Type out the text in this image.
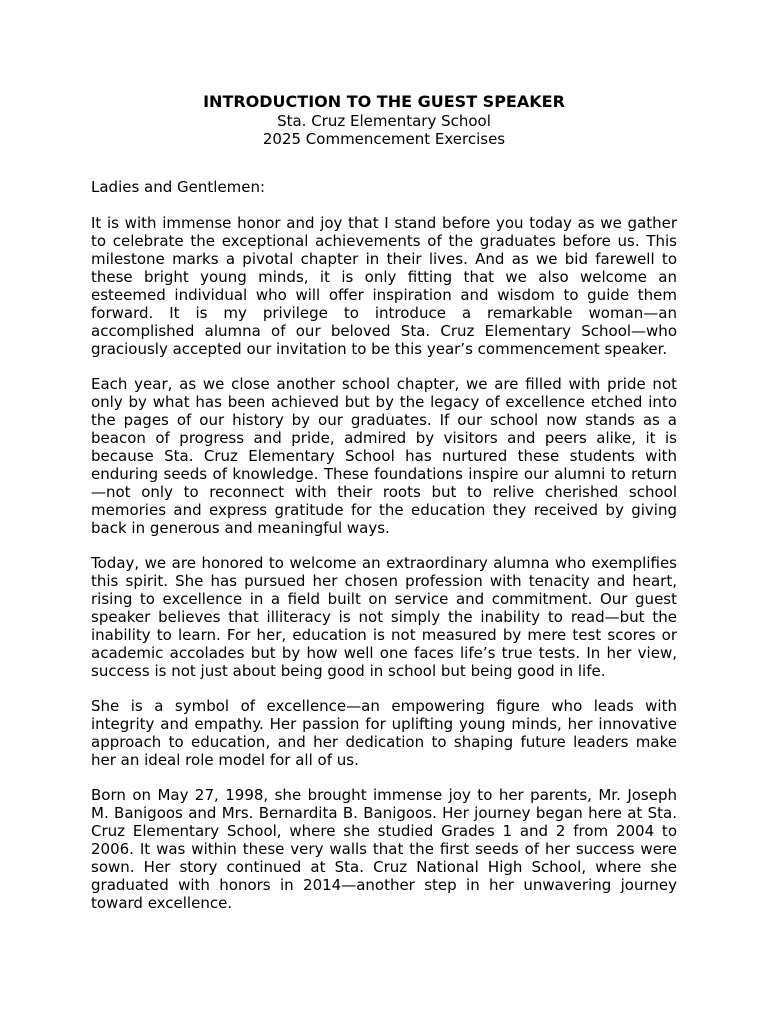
INTRODUCTION TO THE GUEST SPEAKER
Sta. Cruz Elementary School
2025 Commencement Exercises

Ladies and Gentlemen:

It is with immense honor and joy that I stand before you today as we gather to celebrate the exceptional achievements of the graduates before us. This milestone marks a pivotal chapter in their lives. And as we bid farewell to these bright young minds, it is only fitting that we also welcome an esteemed individual who will offer inspiration and wisdom to guide them forward. It is my privilege to introduce a remarkable woman—an accomplished alumna of our beloved Sta. Cruz Elementary School—who graciously accepted our invitation to be this year’s commencement speaker.

Each year, as we close another school chapter, we are filled with pride not only by what has been achieved but by the legacy of excellence etched into the pages of our history by our graduates. If our school now stands as a beacon of progress and pride, admired by visitors and peers alike, it is because Sta. Cruz Elementary School has nurtured these students with enduring seeds of knowledge. These foundations inspire our alumni to return —not only to reconnect with their roots but to relive cherished school memories and express gratitude for the education they received by giving back in generous and meaningful ways.

Today, we are honored to welcome an extraordinary alumna who exemplifies this spirit. She has pursued her chosen profession with tenacity and heart, rising to excellence in a field built on service and commitment. Our guest speaker believes that illiteracy is not simply the inability to read—but the inability to learn. For her, education is not measured by mere test scores or academic accolades but by how well one faces life’s true tests. In her view, success is not just about being good in school but being good in life.

She is a symbol of excellence—an empowering figure who leads with integrity and empathy. Her passion for uplifting young minds, her innovative approach to education, and her dedication to shaping future leaders make her an ideal role model for all of us.

Born on May 27, 1998, she brought immense joy to her parents, Mr. Joseph M. Banigoos and Mrs. Bernardita B. Banigoos. Her journey began here at Sta. Cruz Elementary School, where she studied Grades 1 and 2 from 2004 to 2006. It was within these very walls that the first seeds of her success were sown. Her story continued at Sta. Cruz National High School, where she graduated with honors in 2014—another step in her unwavering journey toward excellence.
